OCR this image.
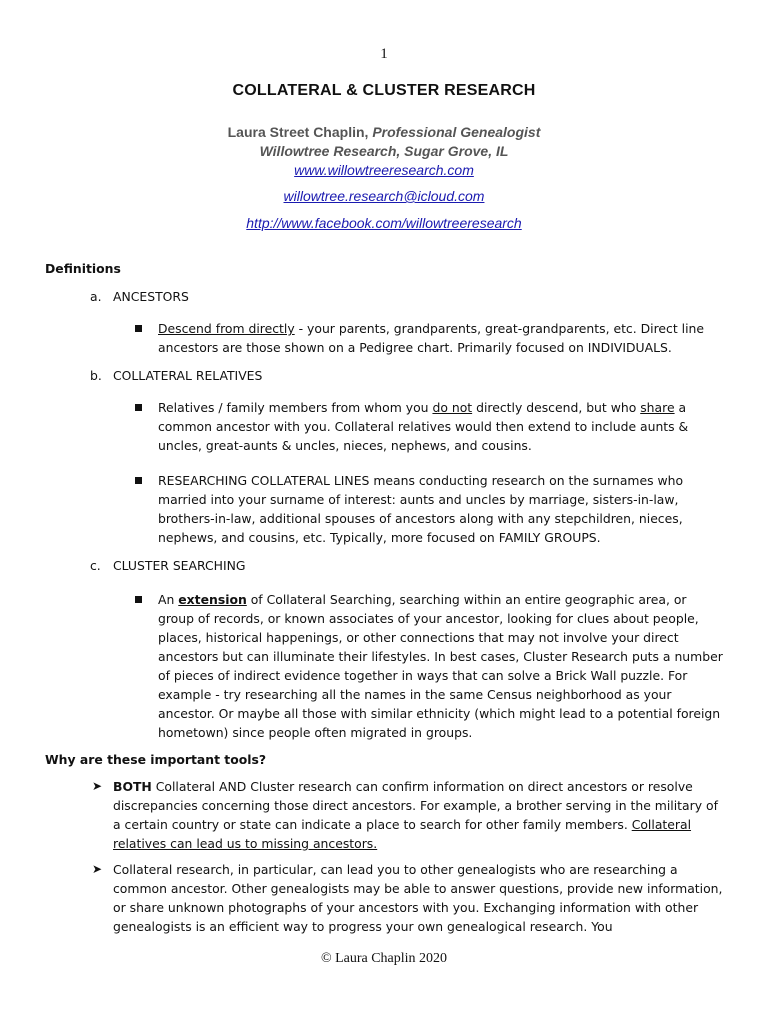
1
COLLATERAL & CLUSTER RESEARCH
Laura Street Chaplin, Professional Genealogist
Willowtree Research, Sugar Grove, IL
www.willowtreeresearch.com
willowtree.research@icloud.com
http://www.facebook.com/willowtreeresearch
Definitions
a. ANCESTORS
Descend from directly - your parents, grandparents, great-grandparents, etc. Direct line ancestors are those shown on a Pedigree chart. Primarily focused on INDIVIDUALS.
b. COLLATERAL RELATIVES
Relatives / family members from whom you do not directly descend, but who share a common ancestor with you. Collateral relatives would then extend to include aunts & uncles, great-aunts & uncles, nieces, nephews, and cousins.
RESEARCHING COLLATERAL LINES means conducting research on the surnames who married into your surname of interest: aunts and uncles by marriage, sisters-in-law, brothers-in-law, additional spouses of ancestors along with any stepchildren, nieces, nephews, and cousins, etc. Typically, more focused on FAMILY GROUPS.
c. CLUSTER SEARCHING
An extension of Collateral Searching, searching within an entire geographic area, or group of records, or known associates of your ancestor, looking for clues about people, places, historical happenings, or other connections that may not involve your direct ancestors but can illuminate their lifestyles. In best cases, Cluster Research puts a number of pieces of indirect evidence together in ways that can solve a Brick Wall puzzle. For example - try researching all the names in the same Census neighborhood as your ancestor. Or maybe all those with similar ethnicity (which might lead to a potential foreign hometown) since people often migrated in groups.
Why are these important tools?
➤ BOTH Collateral AND Cluster research can confirm information on direct ancestors or resolve discrepancies concerning those direct ancestors. For example, a brother serving in the military of a certain country or state can indicate a place to search for other family members. Collateral relatives can lead us to missing ancestors.
➤ Collateral research, in particular, can lead you to other genealogists who are researching a common ancestor. Other genealogists may be able to answer questions, provide new information, or share unknown photographs of your ancestors with you. Exchanging information with other genealogists is an efficient way to progress your own genealogical research. You
© Laura Chaplin 2020
